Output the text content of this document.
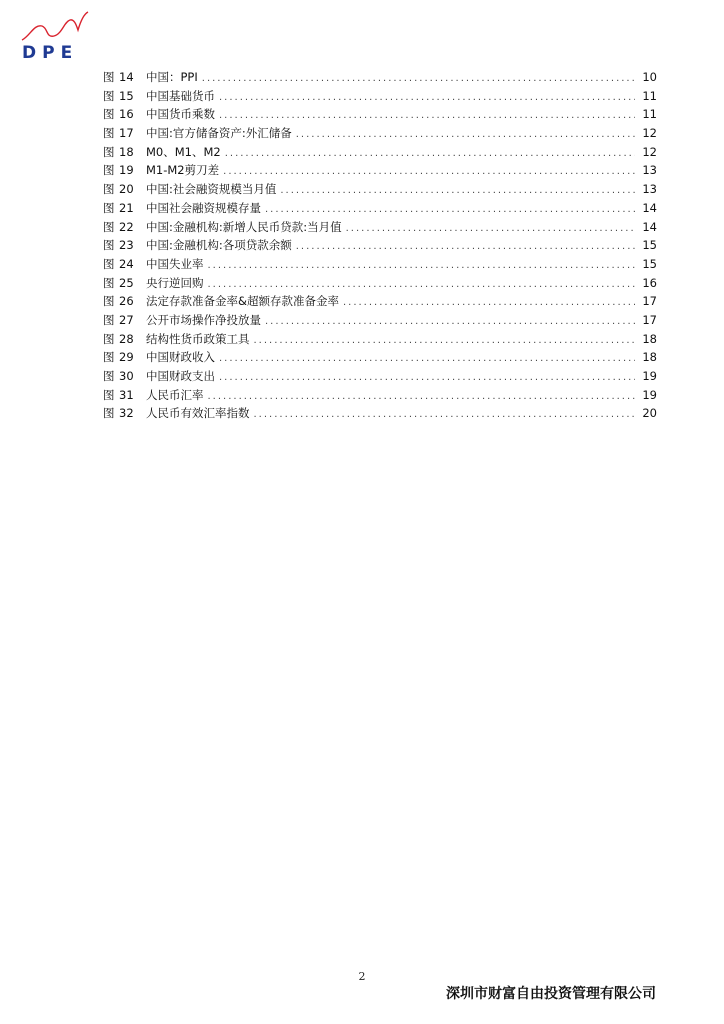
DPE
图 14	中国：PPI .....	10
图 15	中国基础货币 .....	11
图 16	中国货币乘数 .....	11
图 17	中国:官方储备资产:外汇储备 .....	12
图 18	M0、M1、M2 .....	12
图 19	M1-M2剪刀差 .....	13
图 20	中国:社会融资规模当月值 .....	13
图 21	中国社会融资规模存量 .....	14
图 22	中国:金融机构:新增人民币贷款:当月值 .....	14
图 23	中国:金融机构:各项贷款余额 .....	15
图 24	中国失业率 .....	15
图 25	央行逆回购 .....	16
图 26	法定存款准备金率&超额存款准备金率 .....	17
图 27	公开市场操作净投放量 .....	17
图 28	结构性货币政策工具 .....	18
图 29	中国财政收入 .....	18
图 30	中国财政支出 .....	19
图 31	人民币汇率 .....	19
图 32	人民币有效汇率指数 .....	20
2
深圳市财富自由投资管理有限公司
